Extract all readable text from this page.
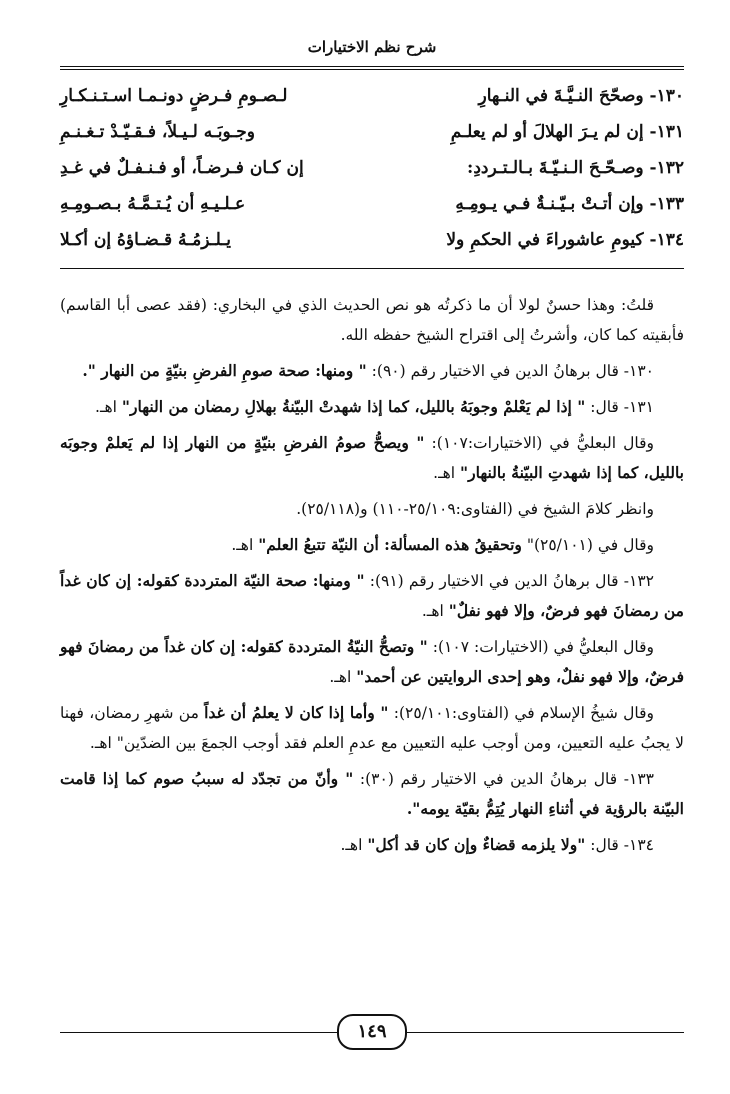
شرح نظم الاختيارات
١٣٠- وصحّحَ النـيَّـةَ في النـهارِ
لـصـومِ فـرضٍ دونـمـا اسـتـنـكـارِ
١٣١- إن لم يـرَ الهلالَ أو لم يعلـمِ
وجـوبَـه لـيـلاً، فـقـيّـدْ تـغـنـمِ
١٣٢- وصـحّـحَ الـنـيّـةَ بـالـتـرددِ:
إن كـان فـرضـاً، أو فـنـفـلٌ في غـدِ
١٣٣- وإن أتـتْ بـيّـنـةٌ فـي يـومِـهِ
عـلـيـهِ أن يُـتـمَّـهُ بـصـومِـهِ
١٣٤- كيومِ عاشوراءَ في الحكمِ ولا
يـلـزمُـهُ قـضـاؤهُ إن أكـلا

قلتُ: وهذا حسنٌ لولا أن ما ذكرتُه هو نص الحديث الذي في البخاري: (فقد عصى أبا القاسم) فأبقيته كما كان، وأشرتُ إلى اقتراح الشيخ حفظه الله.

١٣٠- قال برهانُ الدين في الاختيار رقم (٩٠): " ومنها: صحة صومِ الفرضِ بنيّةٍ من النهار ".

١٣١- قال: " إذا لم يَعْلمْ وجوبَهُ بالليل، كما إذا شهدتْ البيّنةُ بهلالِ رمضان من النهار" اهـ.

وقال البعليُّ في (الاختيارات:١٠٧): " ويصحُّ صومُ الفرضِ بنيّةٍ من النهار إذا لم يَعلمْ وجوبَه بالليل، كما إذا شهدتِ البيّنةُ بالنهار" اهـ.

وانظر كلامَ الشيخ في (الفتاوى:٢٥/١٠٩-١١٠) و(٢٥/١١٨).

وقال في (٢٥/١٠١)" وتحقيقُ هذه المسألة: أن النيّة تتبعُ العلم" اهـ.

١٣٢- قال برهانُ الدين في الاختيار رقم (٩١): " ومنها: صحة النيّة المترددة كقوله: إن كان غداً من رمضانَ فهو فرضٌ، وإلا فهو نفلٌ" اهـ.

وقال البعليُّ في (الاختيارات: ١٠٧): " وتصحُّ النيّةُ المترددة كقوله: إن كان غداً من رمضانَ فهو فرضٌ، وإلا فهو نفلٌ، وهو إحدى الروايتين عن أحمد" اهـ.

وقال شيخُ الإسلام في (الفتاوى:٢٥/١٠١): " وأما إذا كان لا يعلمُ أن غداً من شهرِ رمضان، فهنا لا يجبُ عليه التعيين، ومن أوجب عليه التعيين مع عدمِ العلم فقد أوجب الجمعَ بين الضدّين" اهـ.

١٣٣- قال برهانُ الدين في الاختيار رقم (٣٠): " وأنّ من تجدّد له سببُ صوم كما إذا قامت البيّنة بالرؤية في أثناءِ النهار يُتِمُّ بقيّة يومه".

١٣٤- قال: "ولا يلزمه قضاءٌ وإن كان قد أكل" اهـ.

١٤٩
